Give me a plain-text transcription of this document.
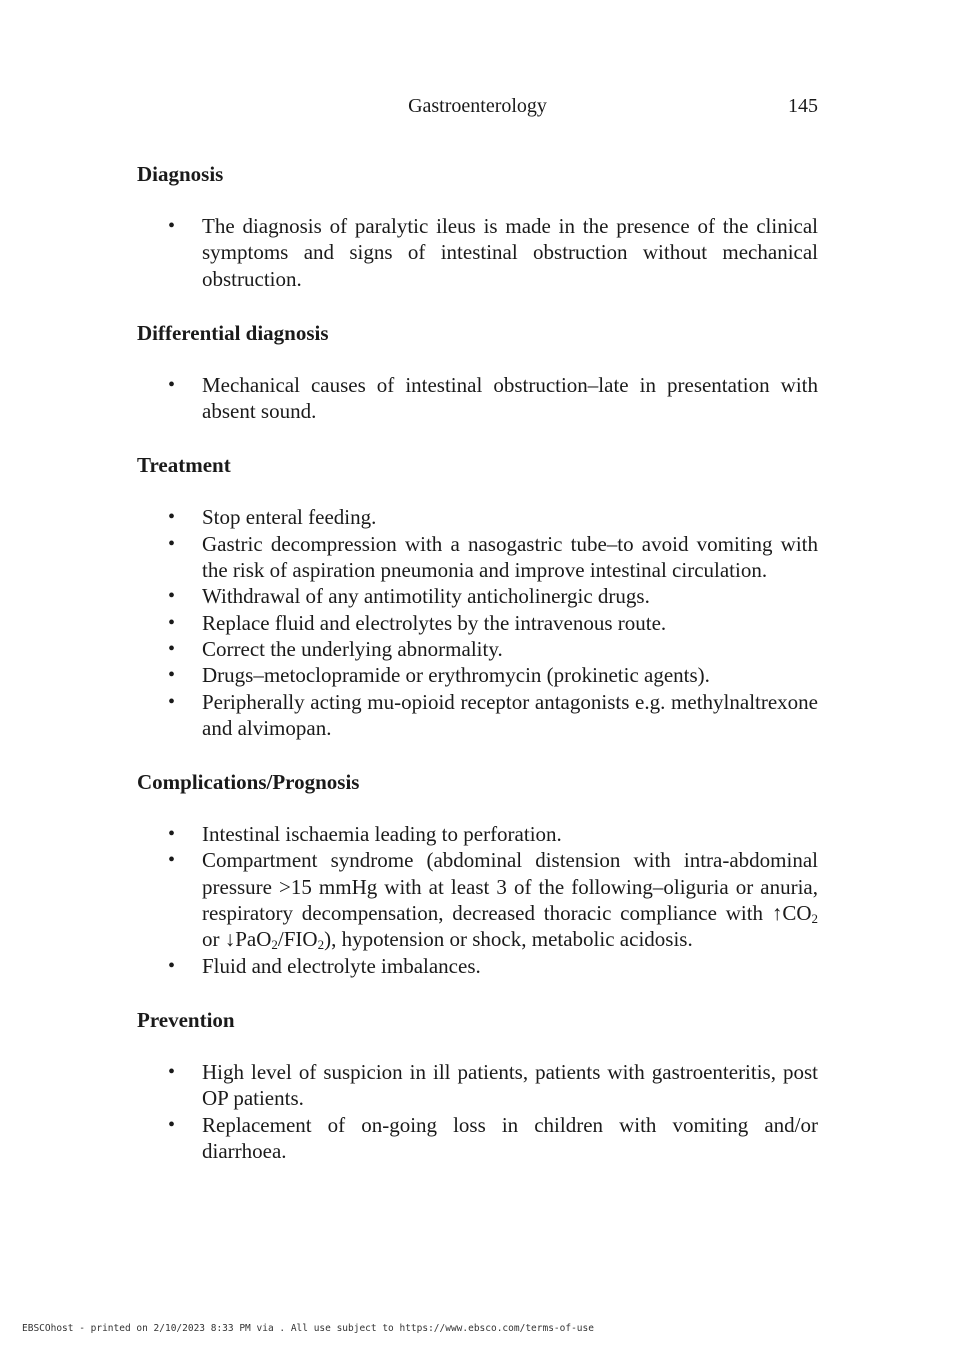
Gastroenterology	145
Diagnosis
• The diagnosis of paralytic ileus is made in the presence of the clinical symptoms and signs of intestinal obstruction without mechanical obstruction.
Differential diagnosis
• Mechanical causes of intestinal obstruction–late in presentation with absent sound.
Treatment
• Stop enteral feeding.
• Gastric decompression with a nasogastric tube–to avoid vomiting with the risk of aspiration pneumonia and improve intestinal circulation.
• Withdrawal of any antimotility anticholinergic drugs.
• Replace fluid and electrolytes by the intravenous route.
• Correct the underlying abnormality.
• Drugs–metoclopramide or erythromycin (prokinetic agents).
• Peripherally acting mu-opioid receptor antagonists e.g. methylnaltrexone and alvimopan.
Complications/Prognosis
• Intestinal ischaemia leading to perforation.
• Compartment syndrome (abdominal distension with intra-abdominal pressure >15 mmHg with at least 3 of the following–oliguria or anuria, respiratory decompensation, decreased thoracic compliance with $↑CO_2$ or $↓PaO_2/FIO_2$), hypotension or shock, metabolic acidosis.
• Fluid and electrolyte imbalances.
Prevention
• High level of suspicion in ill patients, patients with gastroenteritis, post OP patients.
• Replacement of on-going loss in children with vomiting and/or diarrhoea.
EBSCOhost - printed on 2/10/2023 8:33 PM via . All use subject to https://www.ebsco.com/terms-of-use
